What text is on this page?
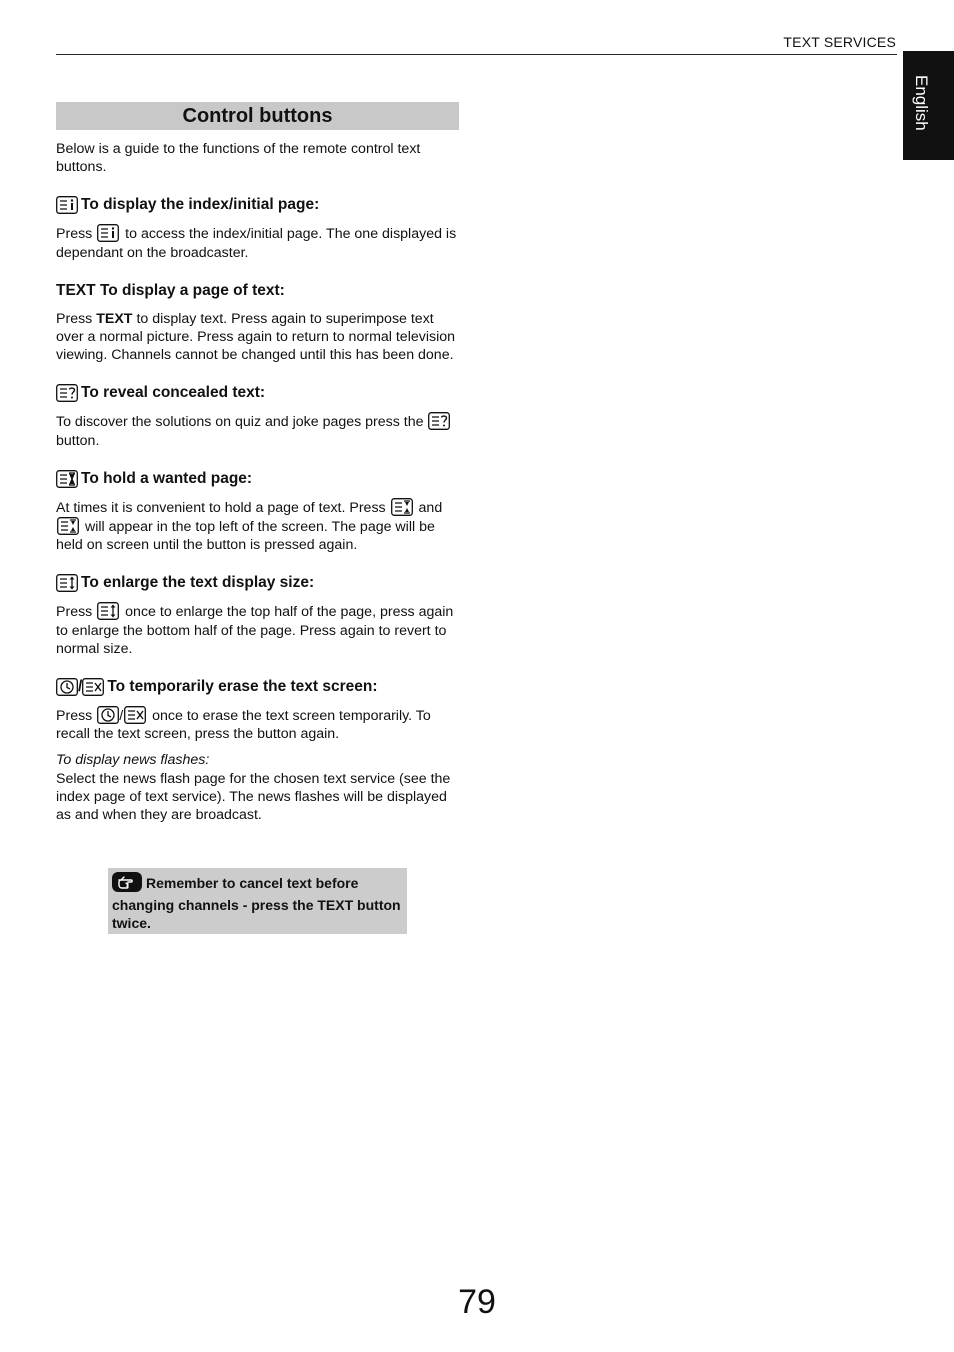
TEXT SERVICES
English
Control buttons

Below is a guide to the functions of the remote control text buttons.

To display the index/initial page:

Press to access the index/initial page. The one displayed is dependant on the broadcaster.

TEXT
To display a page of text:

Press TEXT to display text. Press again to superimpose text over a normal picture. Press again to return to normal television viewing. Channels cannot be changed until this has been done.

To reveal concealed text:

To discover the solutions on quiz and joke pages press the
button.

To hold a wanted page:

At times it is convenient to hold a page of text. Press and
will appear in the top left of the screen. The page will be held on screen until the button is pressed again.

To enlarge the text display size:

Press once to enlarge the top half of the page, press again to enlarge the bottom half of the page. Press again to revert to normal size.

/ To temporarily erase the text screen:

Press / once to erase the text screen temporarily. To recall the text screen, press the button again.

To display news flashes:

Select the news flash page for the chosen text service (see the index page of text service). The news flashes will be displayed as and when they are broadcast.

Remember to cancel text before changing channels - press the TEXT button twice.
79
